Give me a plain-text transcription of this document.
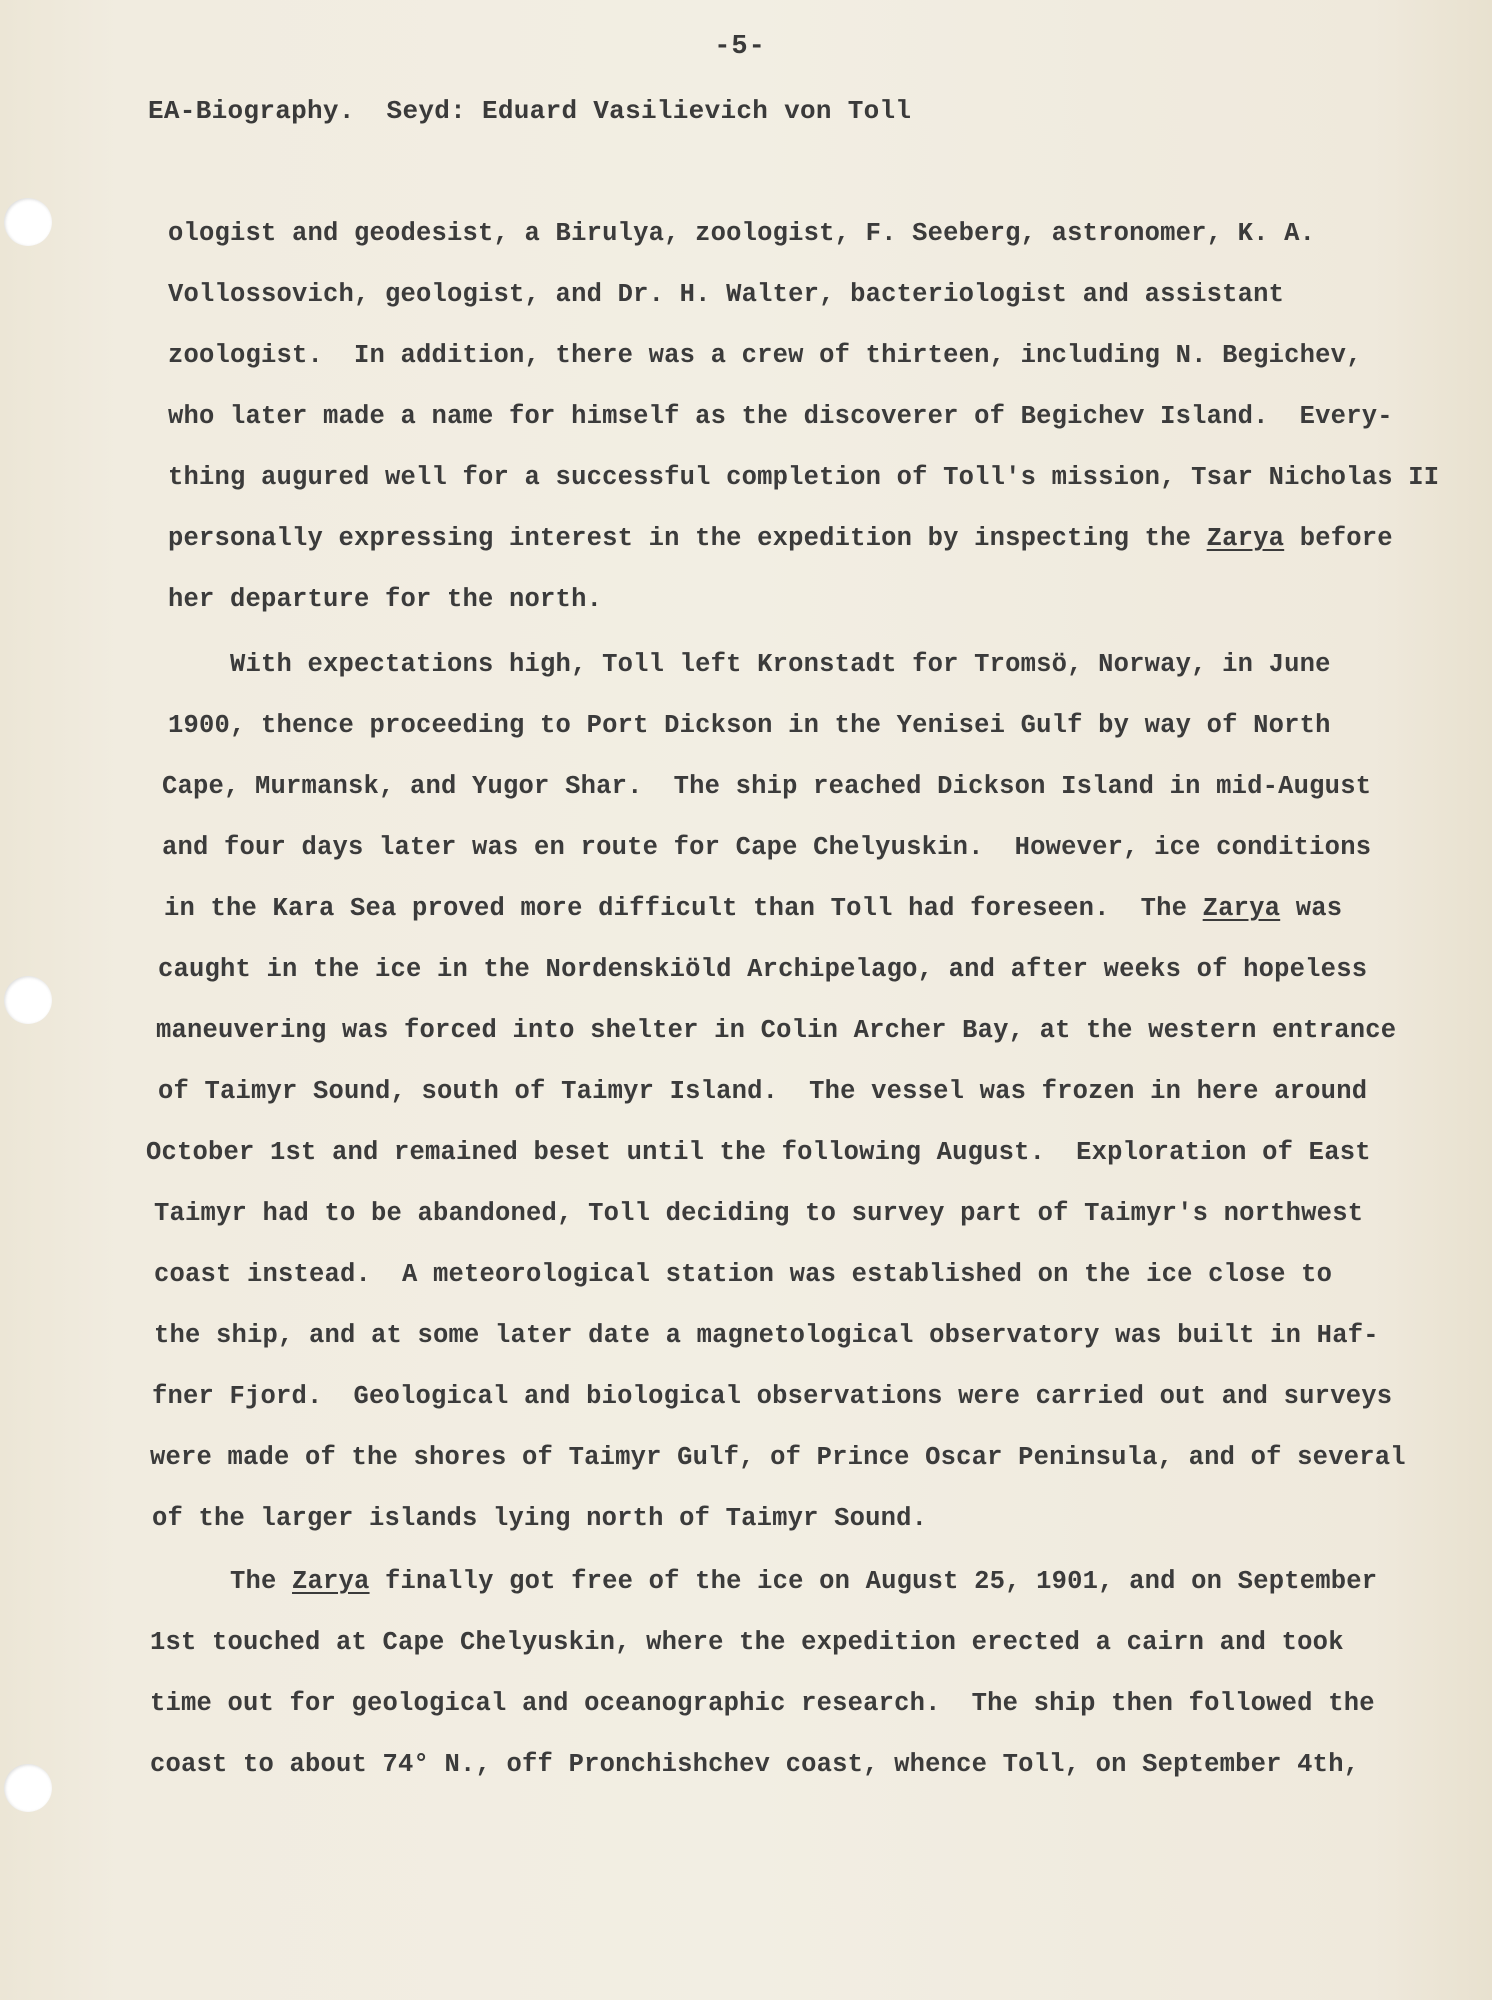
-5-
EA-Biography.  Seyd: Eduard Vasilievich von Toll
ologist and geodesist, a Birulya, zoologist, F. Seeberg, astronomer, K. A.
Vollossovich, geologist, and Dr. H. Walter, bacteriologist and assistant
zoologist.  In addition, there was a crew of thirteen, including N. Begichev,
who later made a name for himself as the discoverer of Begichev Island.  Every-
thing augured well for a successful completion of Toll's mission, Tsar Nicholas II
personally expressing interest in the expedition by inspecting the Zarya before
her departure for the north.
With expectations high, Toll left Kronstadt for Tromsö, Norway, in June
1900, thence proceeding to Port Dickson in the Yenisei Gulf by way of North
Cape, Murmansk, and Yugor Shar.  The ship reached Dickson Island in mid-August
and four days later was en route for Cape Chelyuskin.  However, ice conditions
in the Kara Sea proved more difficult than Toll had foreseen.  The Zarya was
caught in the ice in the Nordenskiöld Archipelago, and after weeks of hopeless
maneuvering was forced into shelter in Colin Archer Bay, at the western entrance
of Taimyr Sound, south of Taimyr Island.  The vessel was frozen in here around
October 1st and remained beset until the following August.  Exploration of East
Taimyr had to be abandoned, Toll deciding to survey part of Taimyr's northwest
coast instead.  A meteorological station was established on the ice close to
the ship, and at some later date a magnetological observatory was built in Haf-
fner Fjord.  Geological and biological observations were carried out and surveys
were made of the shores of Taimyr Gulf, of Prince Oscar Peninsula, and of several
of the larger islands lying north of Taimyr Sound.
The Zarya finally got free of the ice on August 25, 1901, and on September
1st touched at Cape Chelyuskin, where the expedition erected a cairn and took
time out for geological and oceanographic research.  The ship then followed the
coast to about 74° N., off Pronchishchev coast, whence Toll, on September 4th,
